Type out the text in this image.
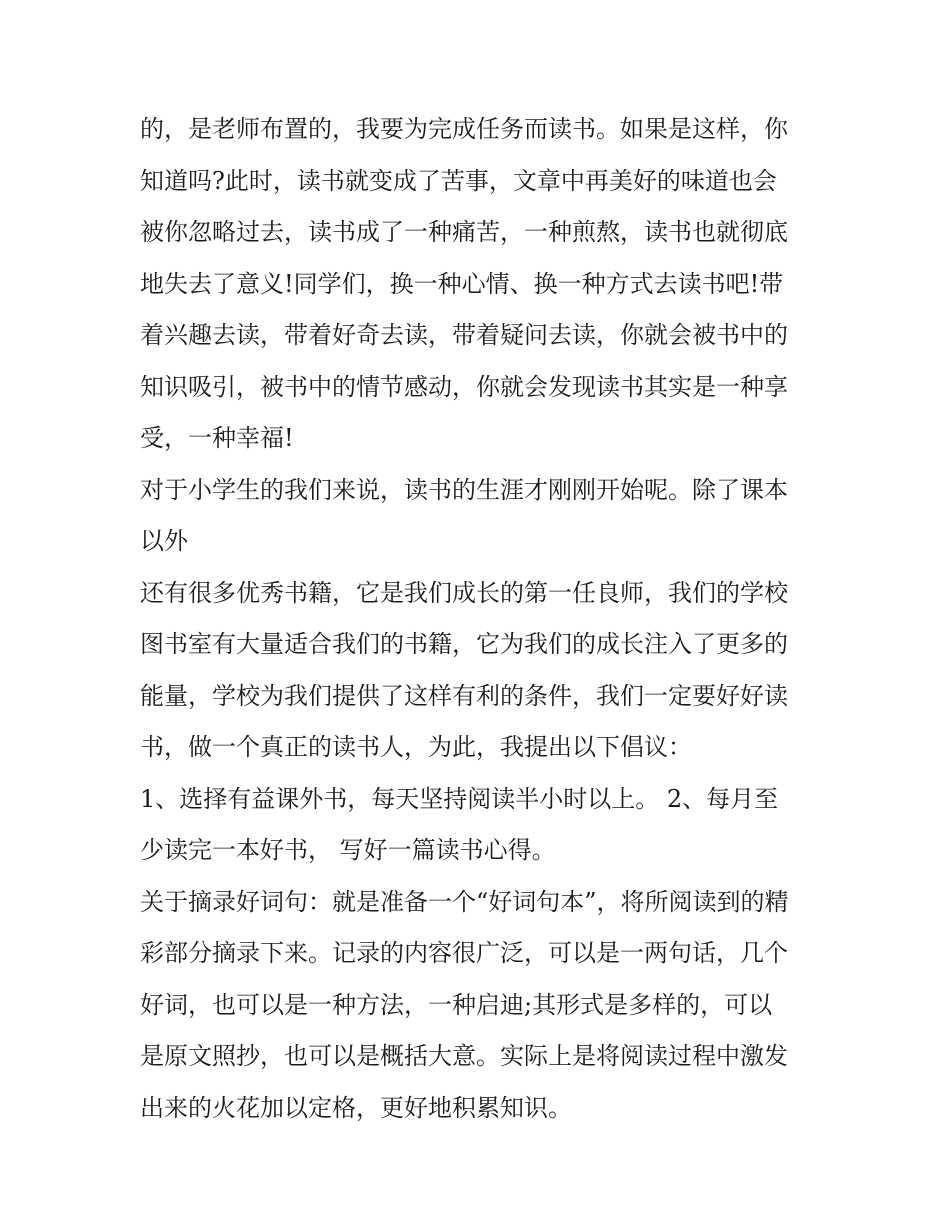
的，是老师布置的，我要为完成任务而读书。如果是这样，你
知道吗?此时，读书就变成了苦事，文章中再美好的味道也会
被你忽略过去，读书成了一种痛苦，一种煎熬，读书也就彻底
地失去了意义!同学们，换一种心情、换一种方式去读书吧!带
着兴趣去读，带着好奇去读，带着疑问去读，你就会被书中的
知识吸引，被书中的情节感动，你就会发现读书其实是一种享
受，一种幸福!
对于小学生的我们来说，读书的生涯才刚刚开始呢。除了课本
以外
还有很多优秀书籍，它是我们成长的第一任良师，我们的学校
图书室有大量适合我们的书籍，它为我们的成长注入了更多的
能量，学校为我们提供了这样有利的条件，我们一定要好好读
书，做一个真正的读书人，为此，我提出以下倡议：
1、选择有益课外书，每天坚持阅读半小时以上。 2、每月至
少读完一本好书， 写好一篇读书心得。
关于摘录好词句：就是准备一个“好词句本”，将所阅读到的精
彩部分摘录下来。记录的内容很广泛，可以是一两句话，几个
好词，也可以是一种方法，一种启迪;其形式是多样的，可以
是原文照抄，也可以是概括大意。实际上是将阅读过程中激发
出来的火花加以定格，更好地积累知识。
